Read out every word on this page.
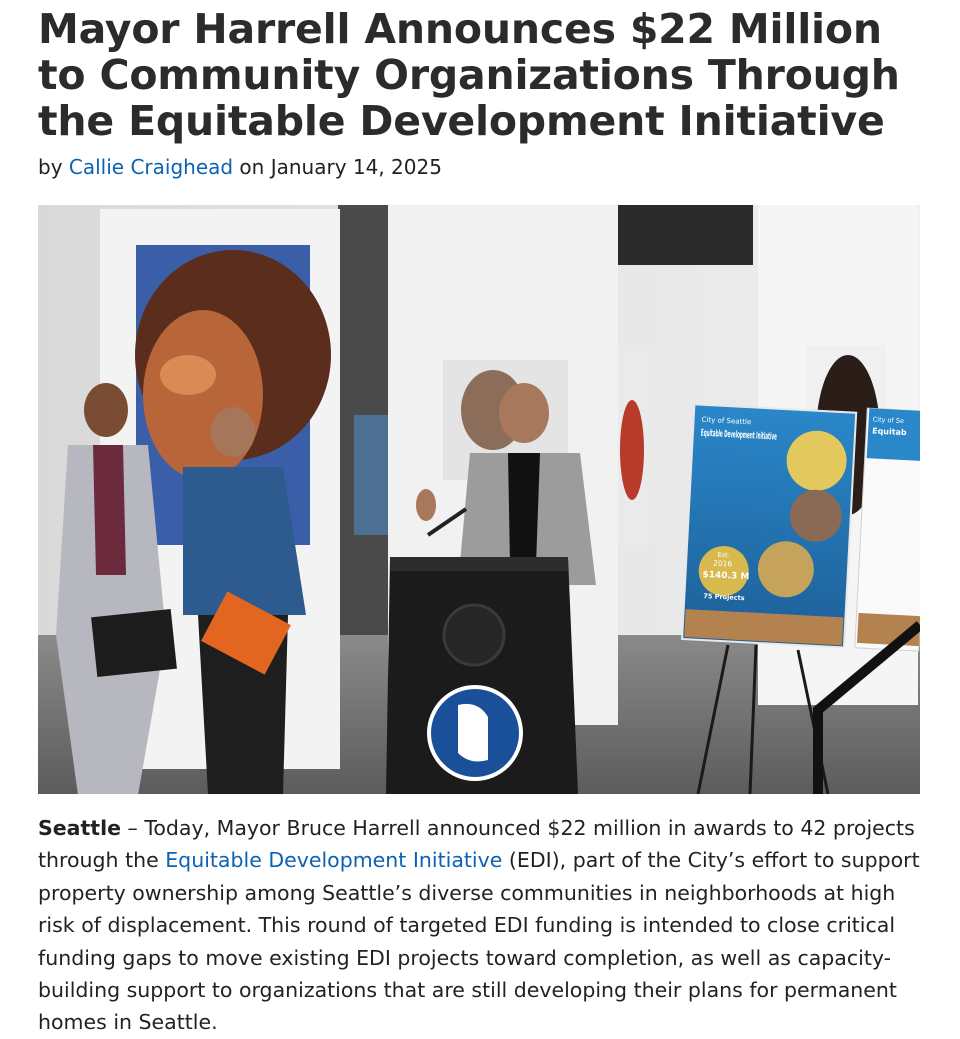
Mayor Harrell Announces $22 Million to Community Organizations Through the Equitable Development Initiative
by Callie Craighead on January 14, 2025
City of Seattle
Est.
2016
$140.3 M
75 Projects
City of Se
Equitab
Seattle – Today, Mayor Bruce Harrell announced $22 million in awards to 42 projects through the Equitable Development Initiative (EDI), part of the City’s effort to support property ownership among Seattle’s diverse communities in neighborhoods at high risk of displacement. This round of targeted EDI funding is intended to close critical funding gaps to move existing EDI projects toward completion, as well as capacity-building support to organizations that are still developing their plans for permanent homes in Seattle.
